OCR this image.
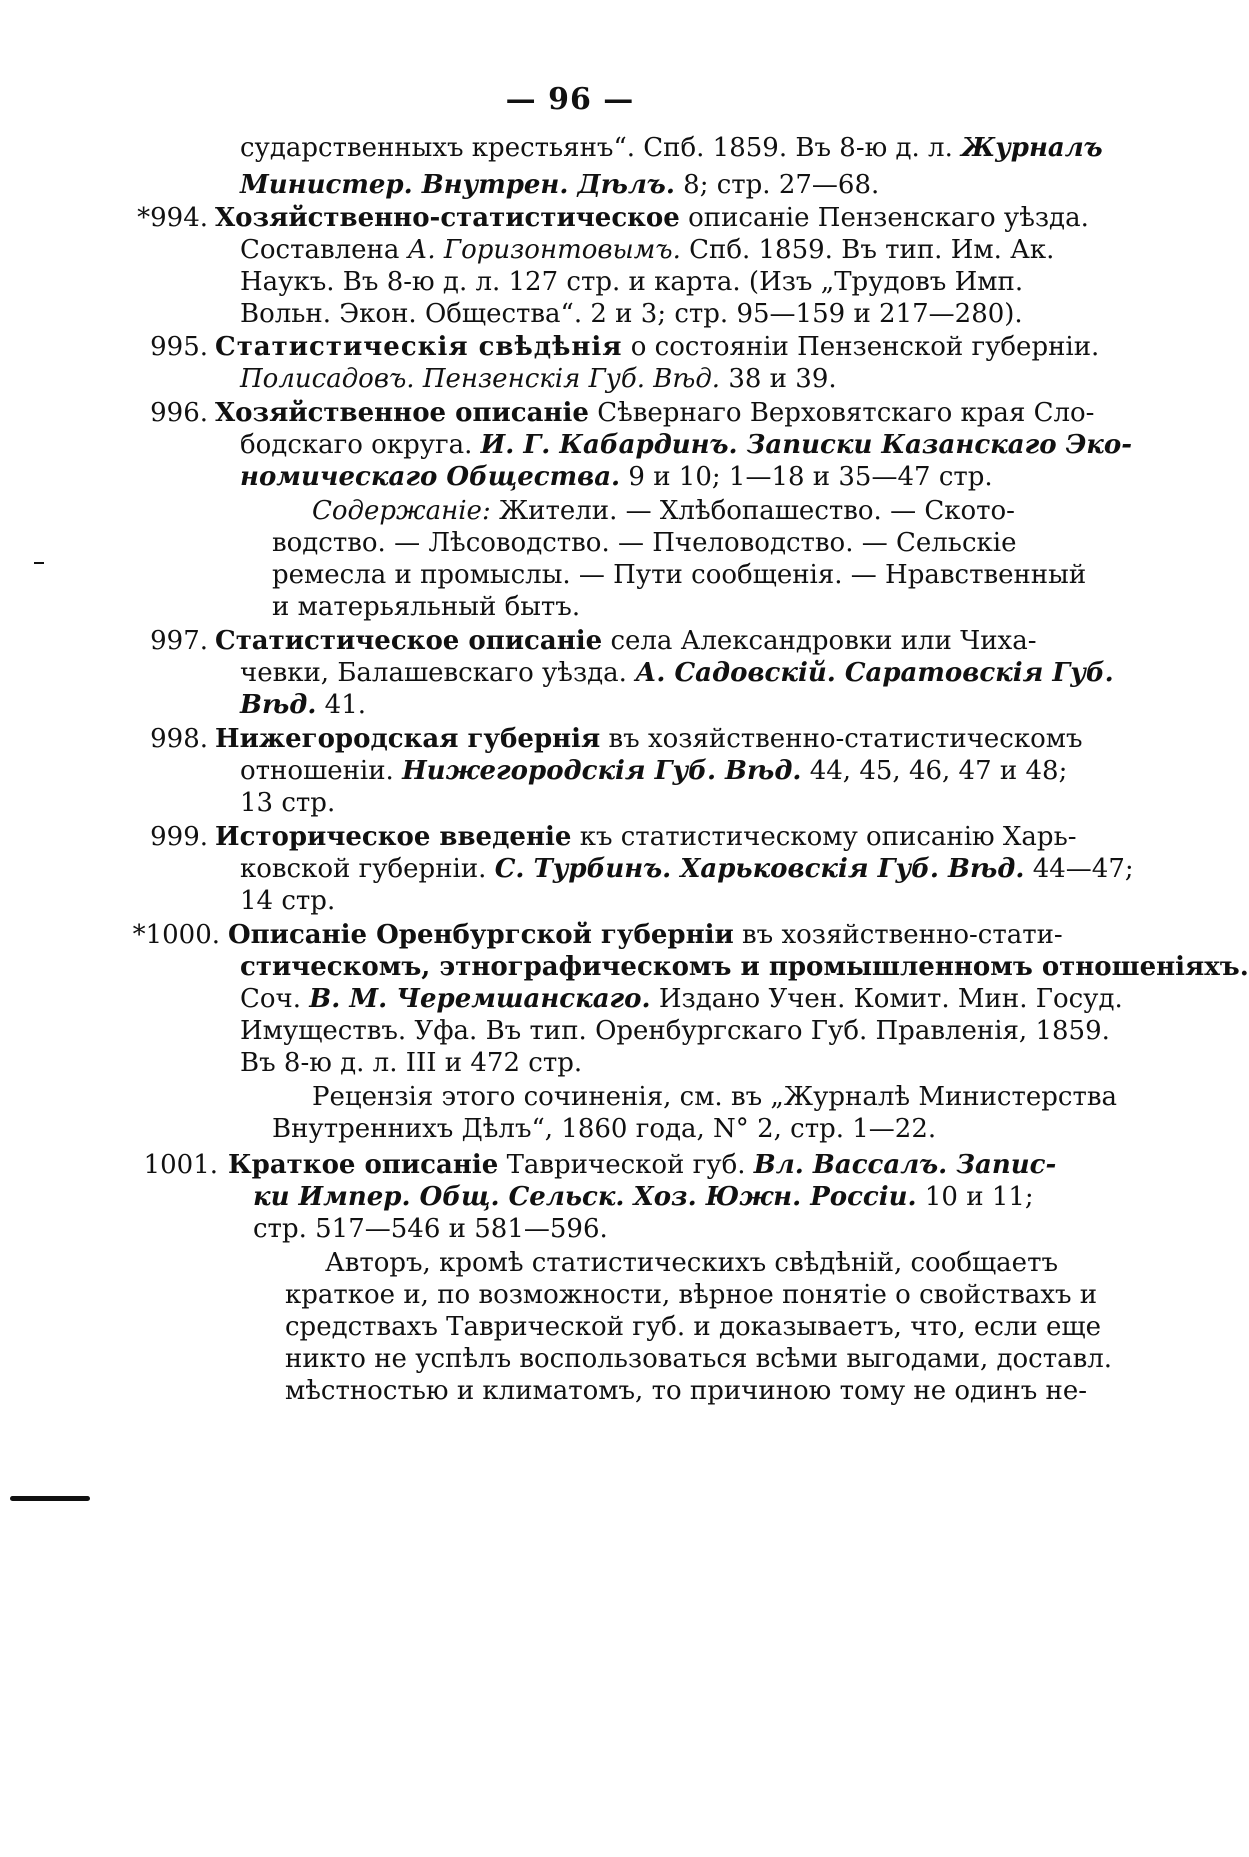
— 96 —
сударственныхъ крестьянъ“. Спб. 1859. Въ 8-ю д. л. Журналъ
Министер. Внутрен. Дѣлъ. 8; стр. 27—68.
*994. Хозяйственно-статистическое описаніе Пензенскаго уѣзда.
Составлена А. Горизонтовымъ. Спб. 1859. Въ тип. Им. Ак.
Наукъ. Въ 8-ю д. л. 127 стр. и карта. (Изъ „Трудовъ Имп.
Вольн. Экон. Общества“. 2 и 3; стр. 95—159 и 217—280).
995. Статистическія свѣдѣнія о состояніи Пензенской губерніи.
Полисадовъ. Пензенскія Губ. Вѣд. 38 и 39.
996. Хозяйственное описаніе Сѣвернаго Верховятскаго края Сло-
бодскаго округа. И. Г. Кабардинъ. Записки Казанскаго Эко-
номическаго Общества. 9 и 10; 1—18 и 35—47 стр.
Содержаніе: Жители. — Хлѣбопашество. — Ското-
водство. — Лѣсоводство. — Пчеловодство. — Сельскіе
ремесла и промыслы. — Пути сообщенія. — Нравственный
и матерьяльный бытъ.
997. Статистическое описаніе села Александровки или Чиха-
чевки, Балашевскаго уѣзда. А. Садовскій. Саратовскія Губ.
Вѣд. 41.
998. Нижегородская губернія въ хозяйственно-статистическомъ
отношеніи. Нижегородскія Губ. Вѣд. 44, 45, 46, 47 и 48;
13 стр.
999. Историческое введеніе къ статистическому описанію Харь-
ковской губерніи. С. Турбинъ. Харьковскія Губ. Вѣд. 44—47;
14 стр.
*1000. Описаніе Оренбургской губерніи въ хозяйственно-стати-
стическомъ, этнографическомъ и промышленномъ отношеніяхъ.
Соч. В. М. Черемшанскаго. Издано Учен. Комит. Мин. Госуд.
Имуществъ. Уфа. Въ тип. Оренбургскаго Губ. Правленія, 1859.
Въ 8-ю д. л. III и 472 стр.
Рецензія этого сочиненія, см. въ „Журналѣ Министерства
Внутреннихъ Дѣлъ“, 1860 года, N° 2, стр. 1—22.
1001. Краткое описаніе Таврической губ. Вл. Вассалъ. Запис-
ки Импер. Общ. Сельск. Хоз. Южн. Россіи. 10 и 11;
стр. 517—546 и 581—596.
Авторъ, кромѣ статистическихъ свѣдѣній, сообщаетъ
краткое и, по возможности, вѣрное понятіе о свойствахъ и
средствахъ Таврической губ. и доказываетъ, что, если еще
никто не успѣлъ воспользоваться всѣми выгодами, доставл.
мѣстностью и климатомъ, то причиною тому не одинъ не-
